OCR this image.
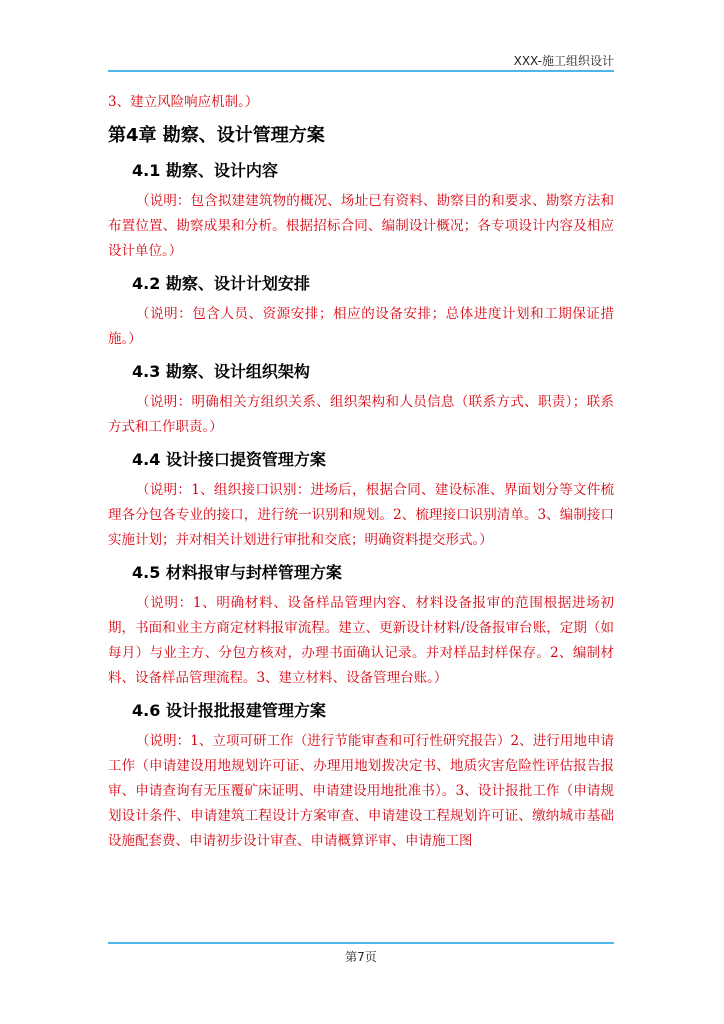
XXX-施工组织设计
3、建立风险响应机制。）
第4章 勘察、设计管理方案
4.1 勘察、设计内容
（说明：包含拟建建筑物的概况、场址已有资料、勘察目的和要求、勘察方法和布置位置、勘察成果和分析。根据招标合同、编制设计概况；各专项设计内容及相应设计单位。）
4.2 勘察、设计计划安排
（说明：包含人员、资源安排；相应的设备安排；总体进度计划和工期保证措施。）
4.3 勘察、设计组织架构
（说明：明确相关方组织关系、组织架构和人员信息（联系方式、职责）；联系方式和工作职责。）
4.4 设计接口提资管理方案
（说明：1、组织接口识别：进场后，根据合同、建设标准、界面划分等文件梳理各分包各专业的接口，进行统一识别和规划。2、梳理接口识别清单。3、编制接口实施计划；并对相关计划进行审批和交底；明确资料提交形式。）
4.5 材料报审与封样管理方案
（说明：1、明确材料、设备样品管理内容、材料设备报审的范围根据进场初期，书面和业主方商定材料报审流程。建立、更新设计材料/设备报审台账，定期（如每月）与业主方、分包方核对，办理书面确认记录。并对样品封样保存。2、编制材料、设备样品管理流程。3、建立材料、设备管理台账。）
4.6 设计报批报建管理方案
（说明：1、立项可研工作（进行节能审查和可行性研究报告）2、进行用地申请工作（申请建设用地规划许可证、办理用地划拨决定书、地质灾害危险性评估报告报审、申请查询有无压覆矿床证明、申请建设用地批准书）。3、设计报批工作（申请规划设计条件、申请建筑工程设计方案审查、申请建设工程规划许可证、缴纳城市基础设施配套费、申请初步设计审查、申请概算评审、申请施工图
第7页
